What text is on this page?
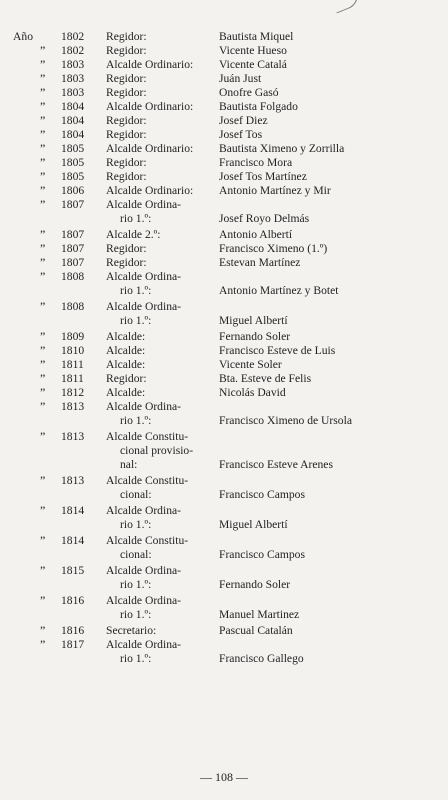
Año 1802 Regidor:	Bautista Miquel
” 1802 Regidor:	Vicente Hueso
” 1803 Alcalde Ordinario:	Vicente Catalá
” 1803 Regidor:	Juán Just
” 1803 Regidor:	Onofre Gasó
” 1804 Alcalde Ordinario:	Bautista Folgado
” 1804 Regidor:	Josef Diez
” 1804 Regidor:	Josef Tos
” 1805 Alcalde Ordinario:	Bautista Ximeno y Zorrilla
” 1805 Regidor:	Francisco Mora
” 1805 Regidor:	Josef Tos Martínez
” 1806 Alcalde Ordinario:	Antonio Martínez y Mir
” 1807 Alcalde Ordina-
rio 1.º:	Josef Royo Delmás
” 1807 Alcalde 2.º:	Antonio Albertí
” 1807 Regidor:	Francisco Ximeno (1.º)
” 1807 Regidor:	Estevan Martínez
” 1808 Alcalde Ordina-
rio 1.º:	Antonio Martínez y Botet
” 1808 Alcalde Ordina-
rio 1.º:	Miguel Albertí
” 1809 Alcalde:	Fernando Soler
” 1810 Alcalde:	Francisco Esteve de Luis
” 1811 Alcalde:	Vicente Soler
” 1811 Regidor:	Bta. Esteve de Felis
” 1812 Alcalde:	Nicolás David
” 1813 Alcalde Ordina-
rio 1.º:	Francisco Ximeno de Ursola
” 1813 Alcalde Constitu-
cional provisio-
nal:	Francisco Esteve Arenes
” 1813 Alcalde Constitu-
cional:	Francisco Campos
” 1814 Alcalde Ordina-
rio 1.º:	Miguel Albertí
” 1814 Alcalde Constitu-
cional:	Francisco Campos
” 1815 Alcalde Ordina-
rio 1.º:	Fernando Soler
” 1816 Alcalde Ordina-
rio 1.º:	Manuel Martinez
” 1816 Secretario:	Pascual Catalán
” 1817 Alcalde Ordina-
rio 1.º:	Francisco Gallego
— 108 —
